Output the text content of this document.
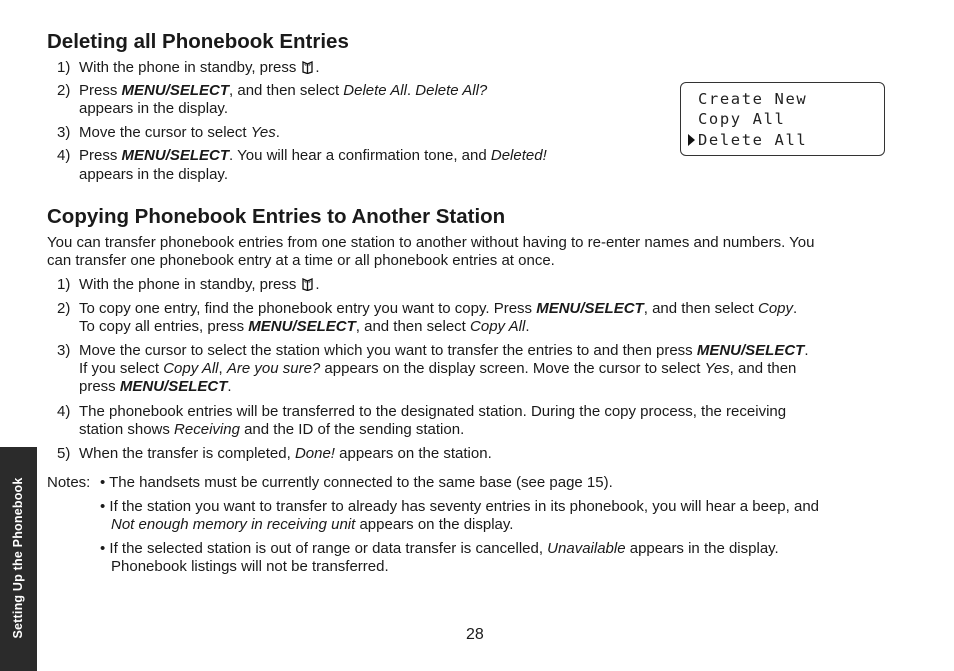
Deleting all Phonebook Entries
1) With the phone in standby, press .
2) Press MENU/SELECT, and then select Delete All. Delete All?
appears in the display.
3) Move the cursor to select Yes.
4) Press MENU/SELECT. You will hear a confirmation tone, and Deleted!
appears in the display.
Create New
Copy All
Delete All
Copying Phonebook Entries to Another Station
You can transfer phonebook entries from one station to another without having to re-enter names and numbers. You
can transfer one phonebook entry at a time or all phonebook entries at once.
1) With the phone in standby, press .
2) To copy one entry, find the phonebook entry you want to copy. Press MENU/SELECT, and then select Copy.
To copy all entries, press MENU/SELECT, and then select Copy All.
3) Move the cursor to select the station which you want to transfer the entries to and then press MENU/SELECT.
If you select Copy All, Are you sure? appears on the display screen. Move the cursor to select Yes, and then
press MENU/SELECT.
4) The phonebook entries will be transferred to the designated station. During the copy process, the receiving
station shows Receiving and the ID of the sending station.
5) When the transfer is completed, Done! appears on the station.
Notes: • The handsets must be currently connected to the same base (see page 15).
• If the station you want to transfer to already has seventy entries in its phonebook, you will hear a beep, and
Not enough memory in receiving unit appears on the display.
• If the selected station is out of range or data transfer is cancelled, Unavailable appears in the display.
Phonebook listings will not be transferred.
Setting Up the Phonebook	28
